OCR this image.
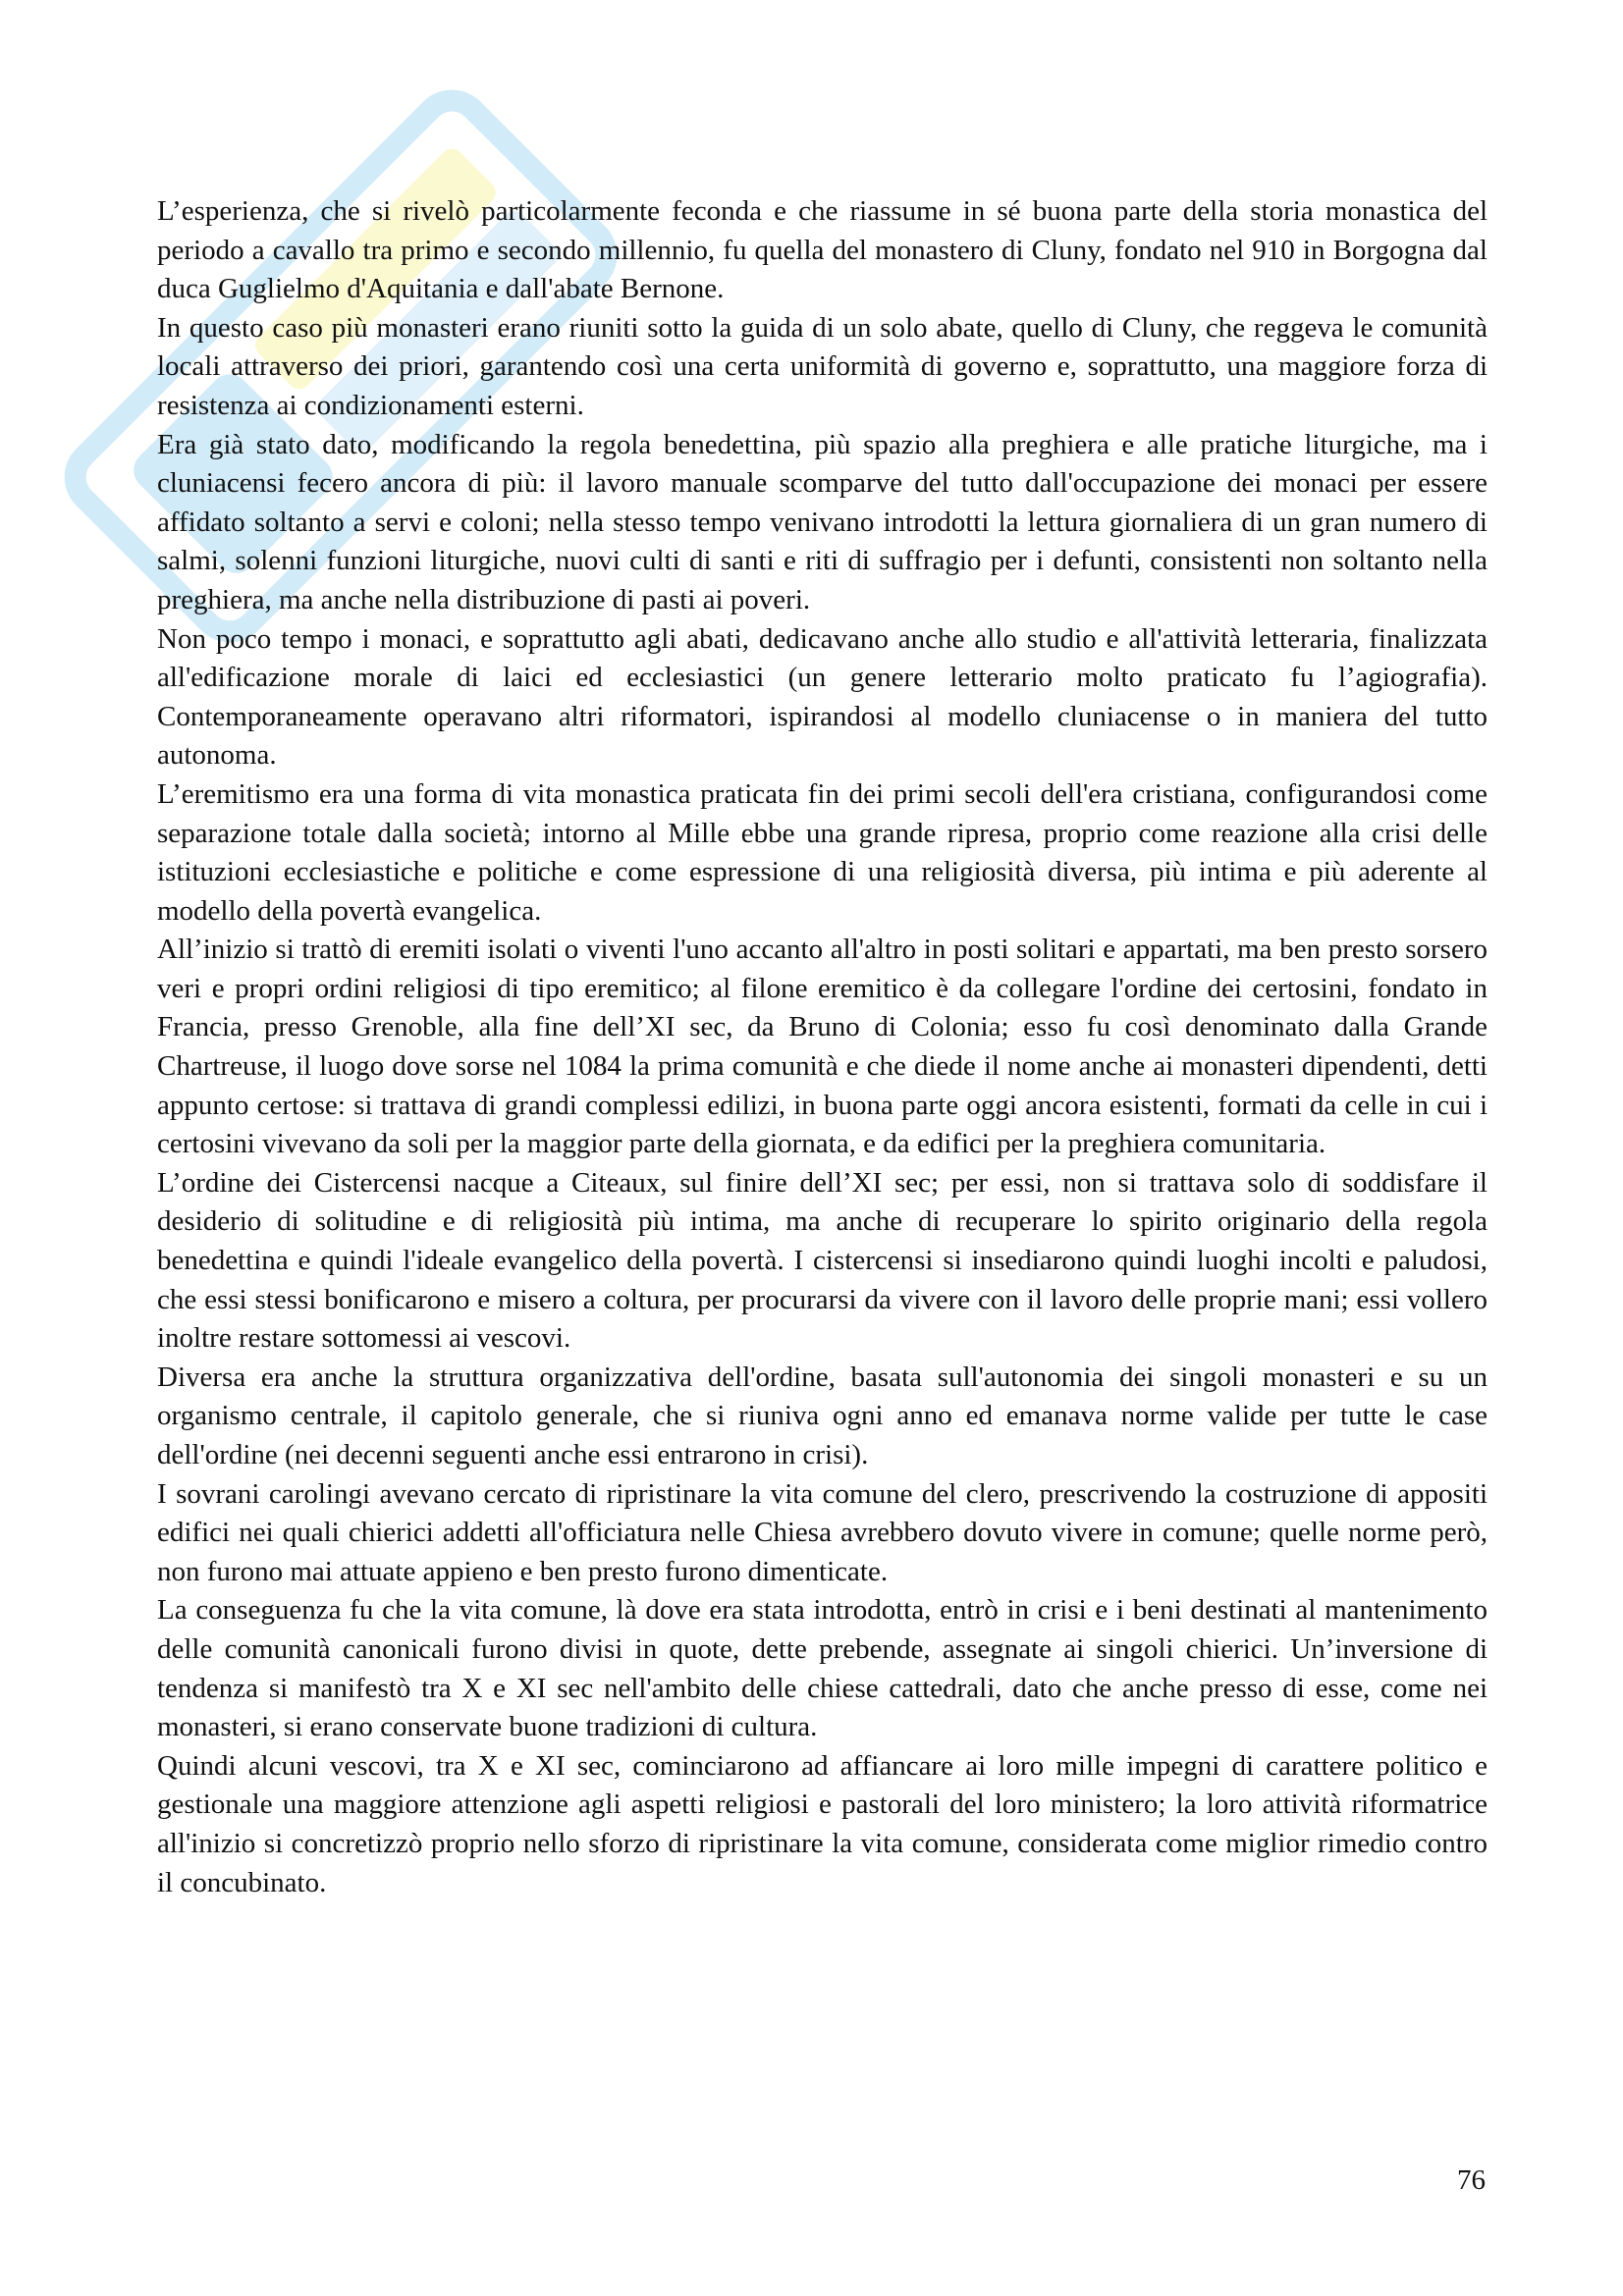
L’esperienza, che si rivelò particolarmente feconda e che riassume in sé buona parte della storia monastica del periodo a cavallo tra primo e secondo millennio, fu quella del monastero di Cluny, fondato nel 910 in Borgogna dal duca Guglielmo d'Aquitania e dall'abate Bernone.

In questo caso più monasteri erano riuniti sotto la guida di un solo abate, quello di Cluny, che reggeva le comunità locali attraverso dei priori, garantendo così una certa uniformità di governo e, soprattutto, una maggiore forza di resistenza ai condizionamenti esterni.

Era già stato dato, modificando la regola benedettina, più spazio alla preghiera e alle pratiche liturgiche, ma i cluniacensi fecero ancora di più: il lavoro manuale scomparve del tutto dall'occupazione dei monaci per essere affidato soltanto a servi e coloni; nella stesso tempo venivano introdotti la lettura giornaliera di un gran numero di salmi, solenni funzioni liturgiche, nuovi culti di santi e riti di suffragio per i defunti, consistenti non soltanto nella preghiera, ma anche nella distribuzione di pasti ai poveri.

Non poco tempo i monaci, e soprattutto agli abati, dedicavano anche allo studio e all'attività letteraria, finalizzata all'edificazione morale di laici ed ecclesiastici (un genere letterario molto praticato fu l’agiografia). Contemporaneamente operavano altri riformatori, ispirandosi al modello cluniacense o in maniera del tutto autonoma.

L’eremitismo era una forma di vita monastica praticata fin dei primi secoli dell'era cristiana, configurandosi come separazione totale dalla società; intorno al Mille ebbe una grande ripresa, proprio come reazione alla crisi delle istituzioni ecclesiastiche e politiche e come espressione di una religiosità diversa, più intima e più aderente al modello della povertà evangelica.

All’inizio si trattò di eremiti isolati o viventi l'uno accanto all'altro in posti solitari e appartati, ma ben presto sorsero veri e propri ordini religiosi di tipo eremitico; al filone eremitico è da collegare l'ordine dei certosini, fondato in Francia, presso Grenoble, alla fine dell’XI sec, da Bruno di Colonia; esso fu così denominato dalla Grande Chartreuse, il luogo dove sorse nel 1084 la prima comunità e che diede il nome anche ai monasteri dipendenti, detti appunto certose: si trattava di grandi complessi edilizi, in buona parte oggi ancora esistenti, formati da celle in cui i certosini vivevano da soli per la maggior parte della giornata, e da edifici per la preghiera comunitaria.

L’ordine dei Cistercensi nacque a Citeaux, sul finire dell’XI sec; per essi, non si trattava solo di soddisfare il desiderio di solitudine e di religiosità più intima, ma anche di recuperare lo spirito originario della regola benedettina e quindi l'ideale evangelico della povertà. I cistercensi si insediarono quindi luoghi incolti e paludosi, che essi stessi bonificarono e misero a coltura, per procurarsi da vivere con il lavoro delle proprie mani; essi vollero inoltre restare sottomessi ai vescovi.

Diversa era anche la struttura organizzativa dell'ordine, basata sull'autonomia dei singoli monasteri e su un organismo centrale, il capitolo generale, che si riuniva ogni anno ed emanava norme valide per tutte le case dell'ordine (nei decenni seguenti anche essi entrarono in crisi).

I sovrani carolingi avevano cercato di ripristinare la vita comune del clero, prescrivendo la costruzione di appositi edifici nei quali chierici addetti all'officiatura nelle Chiesa avrebbero dovuto vivere in comune; quelle norme però, non furono mai attuate appieno e ben presto furono dimenticate.

La conseguenza fu che la vita comune, là dove era stata introdotta, entrò in crisi e i beni destinati al mantenimento delle comunità canonicali furono divisi in quote, dette prebende, assegnate ai singoli chierici. Un’inversione di tendenza si manifestò tra X e XI sec nell'ambito delle chiese cattedrali, dato che anche presso di esse, come nei monasteri, si erano conservate buone tradizioni di cultura.

Quindi alcuni vescovi, tra X e XI sec, cominciarono ad affiancare ai loro mille impegni di carattere politico e gestionale una maggiore attenzione agli aspetti religiosi e pastorali del loro ministero; la loro attività riformatrice all'inizio si concretizzò proprio nello sforzo di ripristinare la vita comune, considerata come miglior rimedio contro il concubinato.

76
